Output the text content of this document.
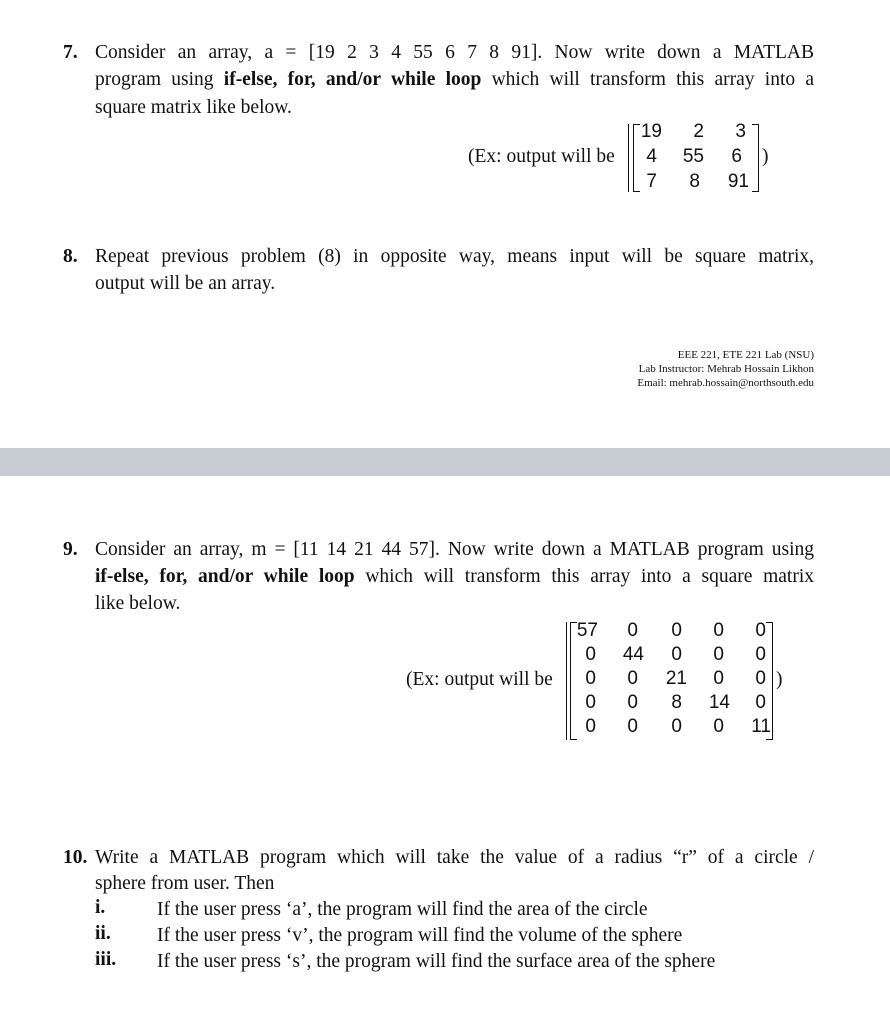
7. Consider an array, a = [19 2 3 4 55 6 7 8 91]. Now write down a MATLAB
program using if-else, for, and/or while loop which will transform this array into a
square matrix like below.
(Ex: output will be
19	2	3
4	55	6
7	8	91
)
8. Repeat previous problem (8) in opposite way, means input will be square matrix,
output will be an array.
EEE 221, ETE 221 Lab (NSU)
Lab Instructor: Mehrab Hossain Likhon
Email: mehrab.hossain@northsouth.edu
9. Consider an array, m = [11 14 21 44 57]. Now write down a MATLAB program using
if-else, for, and/or while loop which will transform this array into a square matrix
like below.
(Ex: output will be
57	0	0	0	0
0	44	0	0	0
0	0	21	0	0
0	0	8	14	0
0	0	0	0	11
)
10. Write a MATLAB program which will take the value of a radius “r” of a circle /
sphere from user. Then
i.	If the user press ‘a’, the program will find the area of the circle
ii. If the user press ‘v’, the program will find the volume of the sphere
iii. If the user press ‘s’, the program will find the surface area of the sphere
